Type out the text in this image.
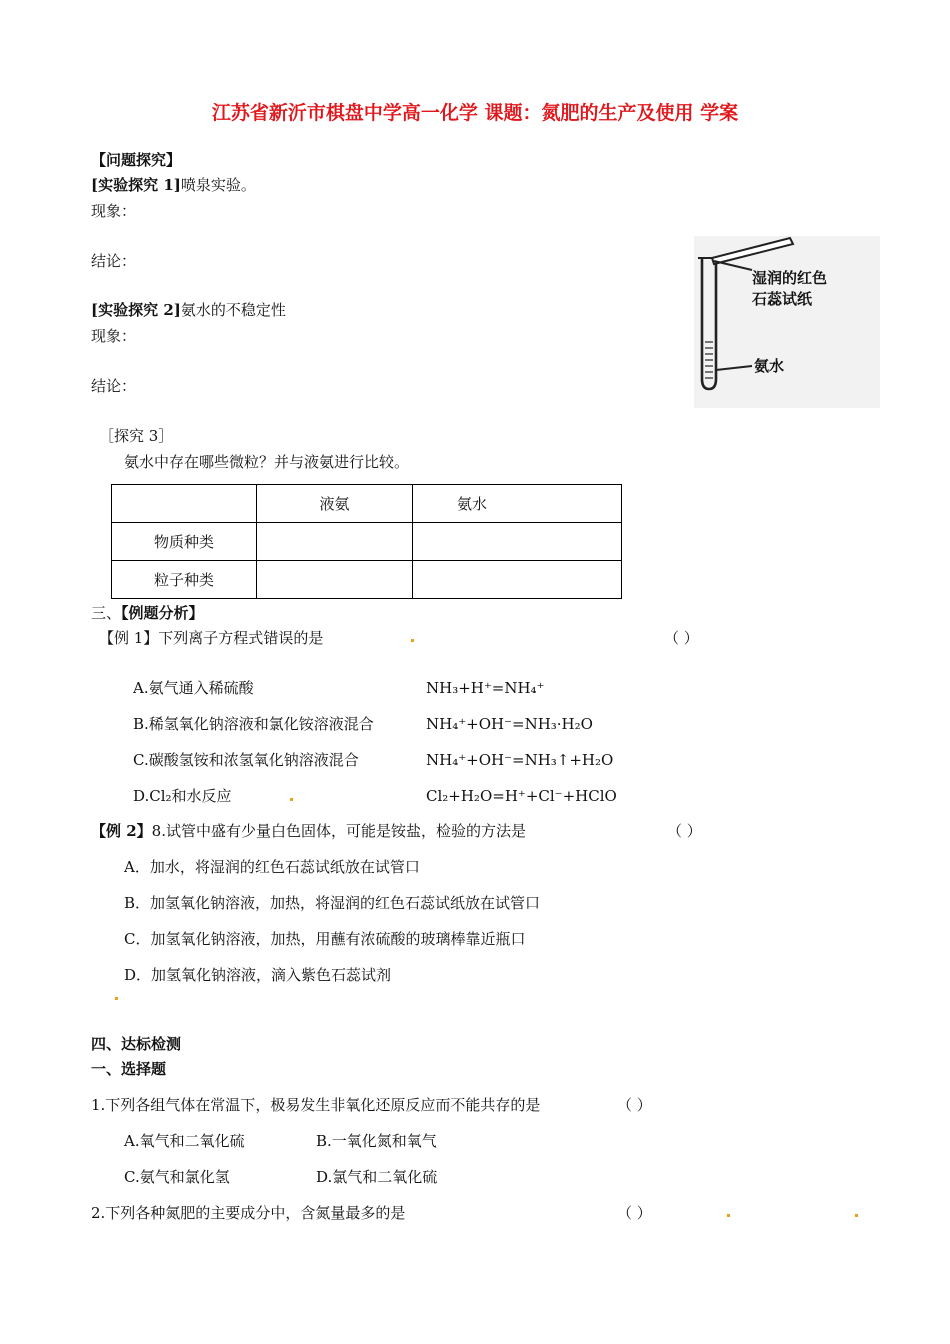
江苏省新沂市棋盘中学高一化学 课题：氮肥的生产及使用 学案
【问题探究】
[实验探究 1]喷泉实验。
现象：
结论：
[实验探究 2]氨水的不稳定性
现象：
结论：
湿润的红色
石蕊试纸
氨水
［探究 3］
氨水中存在哪些微粒？并与液氨进行比较。
	液氨	氨水
物质种类		
粒子种类		
三、【例题分析】
【例 1】下列离子方程式错误的是	（ ）
A.氨气通入稀硫酸	NH₃+H⁺=NH₄⁺
B.稀氢氧化钠溶液和氯化铵溶液混合	NH₄⁺+OH⁻=NH₃·H₂O
C.碳酸氢铵和浓氢氧化钠溶液混合	NH₄⁺+OH⁻=NH₃↑+H₂O
D.Cl₂和水反应	Cl₂+H₂O=H⁺+Cl⁻+HClO
【例 2】8.试管中盛有少量白色固体，可能是铵盐，检验的方法是	（ ）
A．加水，将湿润的红色石蕊试纸放在试管口
B．加氢氧化钠溶液，加热，将湿润的红色石蕊试纸放在试管口
C．加氢氧化钠溶液，加热，用蘸有浓硫酸的玻璃棒靠近瓶口
D．加氢氧化钠溶液，滴入紫色石蕊试剂
四、达标检测
一、选择题
1.下列各组气体在常温下，极易发生非氧化还原反应而不能共存的是	（ ）
A.氧气和二氧化硫	B.一氧化氮和氧气
C.氨气和氯化氢	D.氯气和二氧化硫
2.下列各种氮肥的主要成分中，含氮量最多的是	（ ）
